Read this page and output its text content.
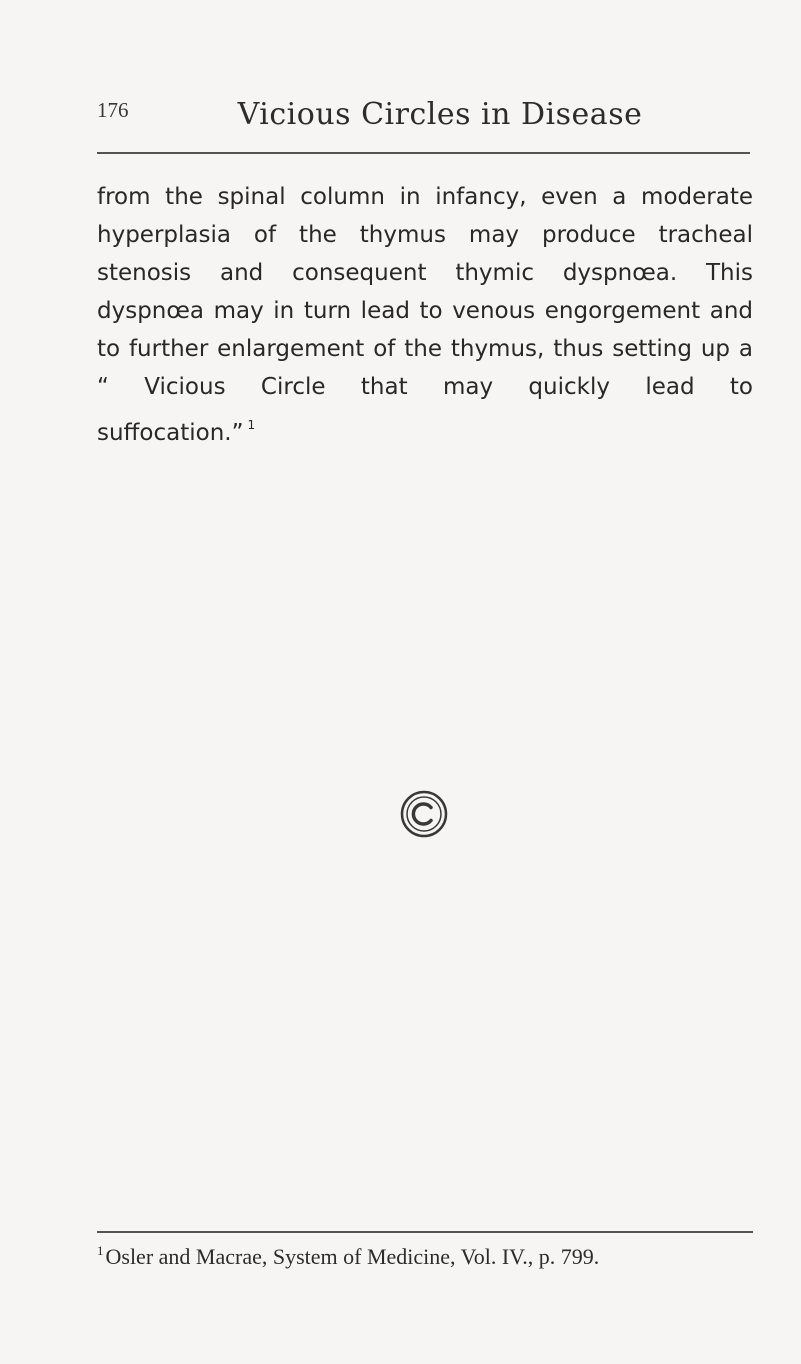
176	Vicious Circles in Disease

from the spinal column in infancy, even a moderate hyperplasia of the thymus may produce tracheal stenosis and consequent thymic dyspnœa. This dyspnœa may in turn lead to venous engorgement and to further enlargement of the thymus, thus setting up a “ Vicious Circle that may quickly lead to
suffocation.” $^1$

$^1$Osler and Macrae, System of Medicine, Vol. IV., p. 799.
